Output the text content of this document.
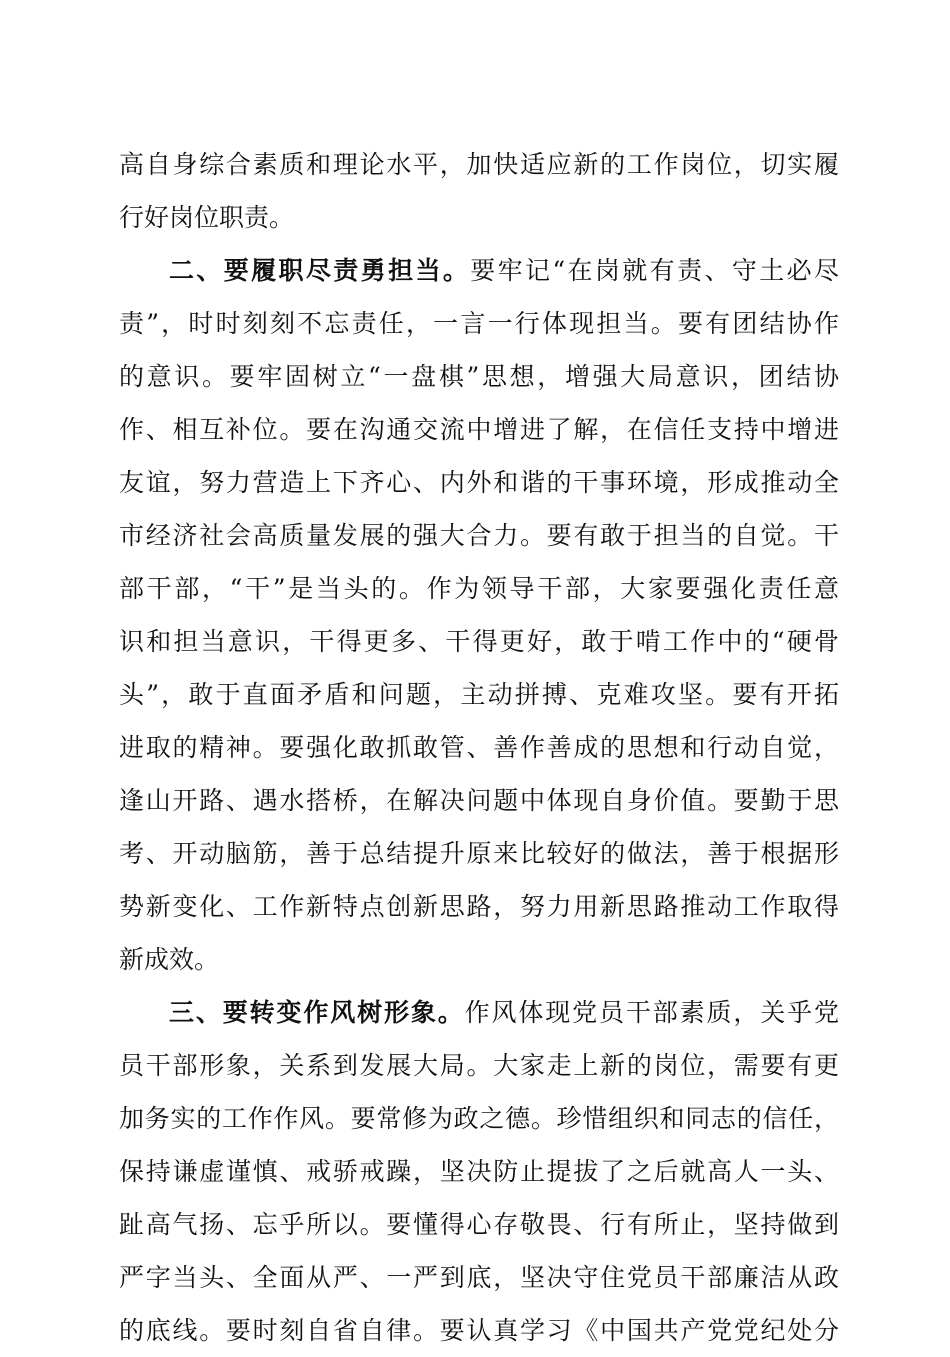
高自身综合素质和理论水平，加快适应新的工作岗位，切实履
行好岗位职责。
二、要履职尽责勇担当。要牢记“在岗就有责、守土必尽
责”，时时刻刻不忘责任，一言一行体现担当。要有团结协作
的意识。要牢固树立“一盘棋”思想，增强大局意识，团结协
作、相互补位。要在沟通交流中增进了解，在信任支持中增进
友谊，努力营造上下齐心、内外和谐的干事环境，形成推动全
市经济社会高质量发展的强大合力。要有敢于担当的自觉。干
部干部，“干”是当头的。作为领导干部，大家要强化责任意
识和担当意识，干得更多、干得更好，敢于啃工作中的“硬骨
头”，敢于直面矛盾和问题，主动拼搏、克难攻坚。要有开拓
进取的精神。要强化敢抓敢管、善作善成的思想和行动自觉，
逢山开路、遇水搭桥，在解决问题中体现自身价值。要勤于思
考、开动脑筋，善于总结提升原来比较好的做法，善于根据形
势新变化、工作新特点创新思路，努力用新思路推动工作取得
新成效。
三、要转变作风树形象。作风体现党员干部素质，关乎党
员干部形象，关系到发展大局。大家走上新的岗位，需要有更
加务实的工作作风。要常修为政之德。珍惜组织和同志的信任，
保持谦虚谨慎、戒骄戒躁，坚决防止提拔了之后就高人一头、
趾高气扬、忘乎所以。要懂得心存敬畏、行有所止，坚持做到
严字当头、全面从严、一严到底，坚决守住党员干部廉洁从政
的底线。要时刻自省自律。要认真学习《中国共产党党纪处分
